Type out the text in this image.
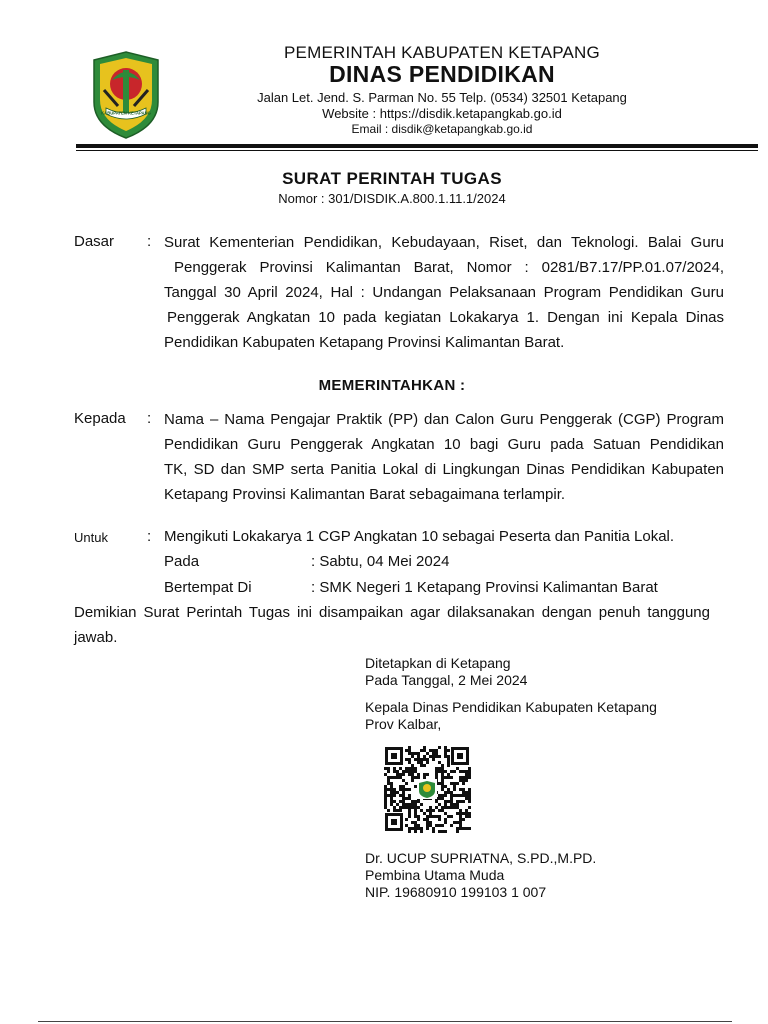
KABUPATEN KETAPANG
PEMERINTAH KABUPATEN KETAPANG
DINAS PENDIDIKAN
Jalan Let. Jend. S. Parman No. 55 Telp. (0534) 32501 Ketapang
Website : https://disdik.ketapangkab.go.id
Email : disdik@ketapangkab.go.id
SURAT PERINTAH TUGAS
Nomor : 301/DISDIK.A.800.1.11.1/2024
Dasar : Surat Kementerian Pendidikan, Kebudayaan, Riset, dan Teknologi. Balai Guru
Penggerak Provinsi Kalimantan Barat, Nomor : 0281/B7.17/PP.01.07/2024,
Tanggal 30 April 2024, Hal : Undangan Pelaksanaan Program Pendidikan Guru
Penggerak Angkatan 10 pada kegiatan Lokakarya 1. Dengan ini Kepala Dinas
Pendidikan Kabupaten Ketapang Provinsi Kalimantan Barat.
MEMERINTAHKAN :
Kepada : Nama – Nama Pengajar Praktik (PP) dan Calon Guru Penggerak (CGP) Program
Pendidikan Guru Penggerak Angkatan 10 bagi Guru pada Satuan Pendidikan
TK, SD dan SMP serta Panitia Lokal di Lingkungan Dinas Pendidikan Kabupaten
Ketapang Provinsi Kalimantan Barat sebagaimana terlampir.
Untuk	: Mengikuti Lokakarya 1 CGP Angkatan 10 sebagai Peserta dan Panitia Lokal.
Pada	: Sabtu, 04 Mei 2024
Bertempat Di	: SMK Negeri 1 Ketapang Provinsi Kalimantan Barat
Demikian Surat Perintah Tugas ini disampaikan agar dilaksanakan dengan penuh tanggung
jawab.
Ditetapkan di Ketapang
Pada Tanggal, 2 Mei 2024
Kepala Dinas Pendidikan Kabupaten Ketapang
Prov Kalbar,
Dr. UCUP SUPRIATNA, S.PD.,M.PD.
Pembina Utama Muda
NIP. 19680910 199103 1 007
